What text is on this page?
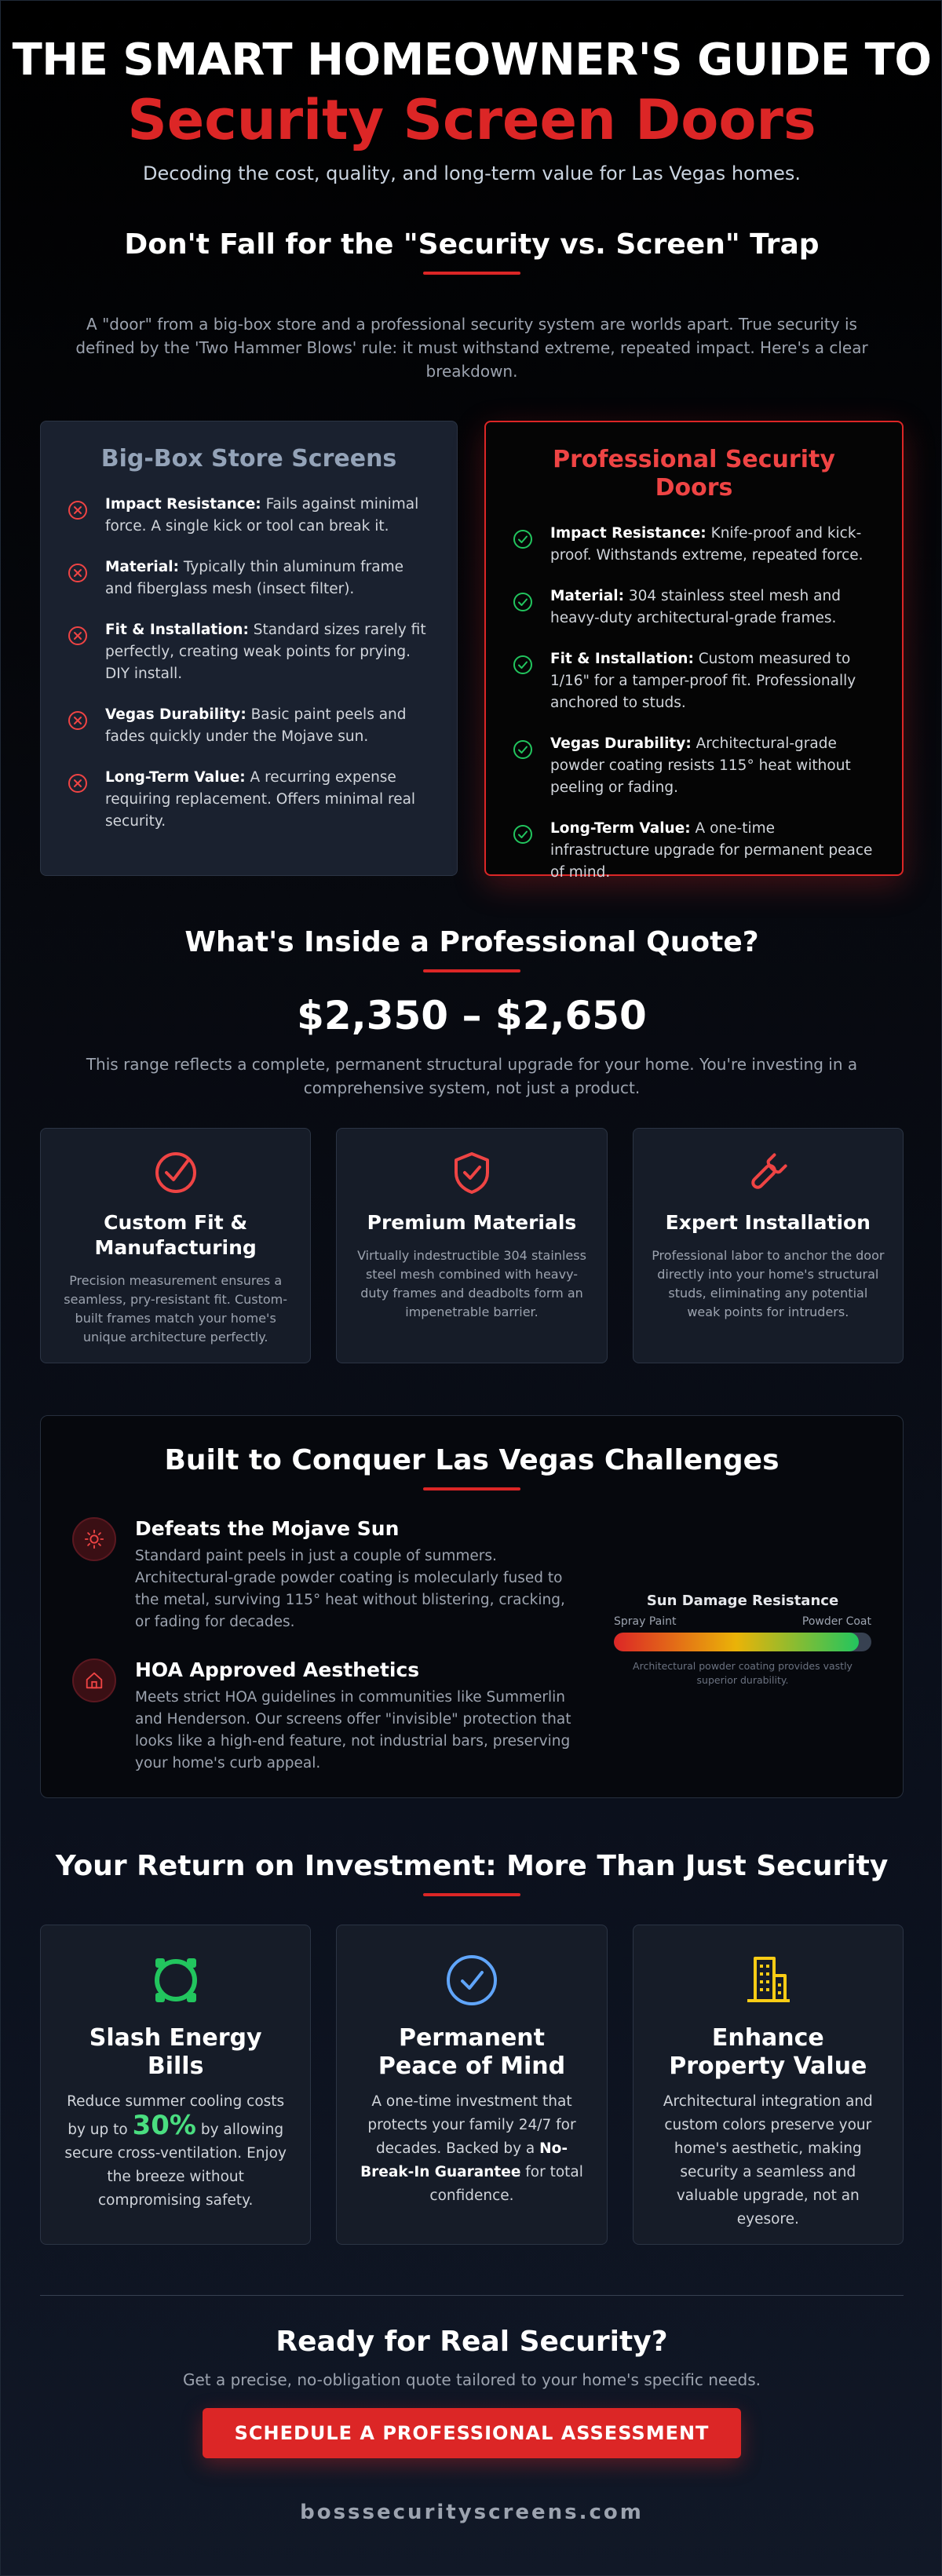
THE SMART HOMEOWNER'S GUIDE TO
Security Screen Doors

Decoding the cost, quality, and long-term value for Las Vegas homes.

Don't Fall for the "Security vs. Screen" Trap

A "door" from a big-box store and a professional security system are worlds apart. True security is defined by the 'Two Hammer Blows' rule: it must withstand extreme, repeated impact. Here's a clear breakdown.

Big-Box Store Screens

Impact Resistance: Fails against minimal force. A single kick or tool can break it.

Material: Typically thin aluminum frame and fiberglass mesh (insect filter).

Fit & Installation: Standard sizes rarely fit perfectly, creating weak points for prying. DIY install.

Vegas Durability: Basic paint peels and fades quickly under the Mojave sun.

Long-Term Value: A recurring expense requiring replacement. Offers minimal real security.

Professional Security Doors

Impact Resistance: Knife-proof and kick-proof. Withstands extreme, repeated force.

Material: 304 stainless steel mesh and heavy-duty architectural-grade frames.

Fit & Installation: Custom measured to 1/16" for a tamper-proof fit. Professionally anchored to studs.

Vegas Durability: Architectural-grade powder coating resists 115° heat without peeling or fading.

Long-Term Value: A one-time infrastructure upgrade for permanent peace of mind.

What's Inside a Professional Quote?
$2,350 – $2,650

This range reflects a complete, permanent structural upgrade for your home. You're investing in a comprehensive system, not just a product.

Custom Fit & Manufacturing

Precision measurement ensures a seamless, pry-resistant fit. Custom-built frames match your home's unique architecture perfectly.

Premium Materials

Virtually indestructible 304 stainless steel mesh combined with heavy-duty frames and deadbolts form an impenetrable barrier.

Expert Installation

Professional labor to anchor the door directly into your home's structural studs, eliminating any potential weak points for intruders.

Built to Conquer Las Vegas Challenges
Defeats the Mojave Sun

Standard paint peels in just a couple of summers. Architectural-grade powder coating is molecularly fused to the metal, surviving 115° heat without blistering, cracking, or fading for decades.

HOA Approved Aesthetics

Meets strict HOA guidelines in communities like Summerlin and Henderson. Our screens offer "invisible" protection that looks like a high-end feature, not industrial bars, preserving your home's curb appeal.

Sun Damage Resistance
Spray Paint	Powder Coat

Architectural powder coating provides vastly superior durability.

Your Return on Investment: More Than Just Security
Slash Energy Bills

Reduce summer cooling costs by up to 30% by allowing secure cross-ventilation. Enjoy the breeze without compromising safety.

Permanent Peace of Mind

A one-time investment that protects your family 24/7 for decades. Backed by a No-Break-In Guarantee for total confidence.

Enhance Property Value

Architectural integration and custom colors preserve your home's aesthetic, making security a seamless and valuable upgrade, not an eyesore.

Ready for Real Security?

Get a precise, no-obligation quote tailored to your home's specific needs.

SCHEDULE A PROFESSIONAL ASSESSMENT
bosssecurityscreens.com
